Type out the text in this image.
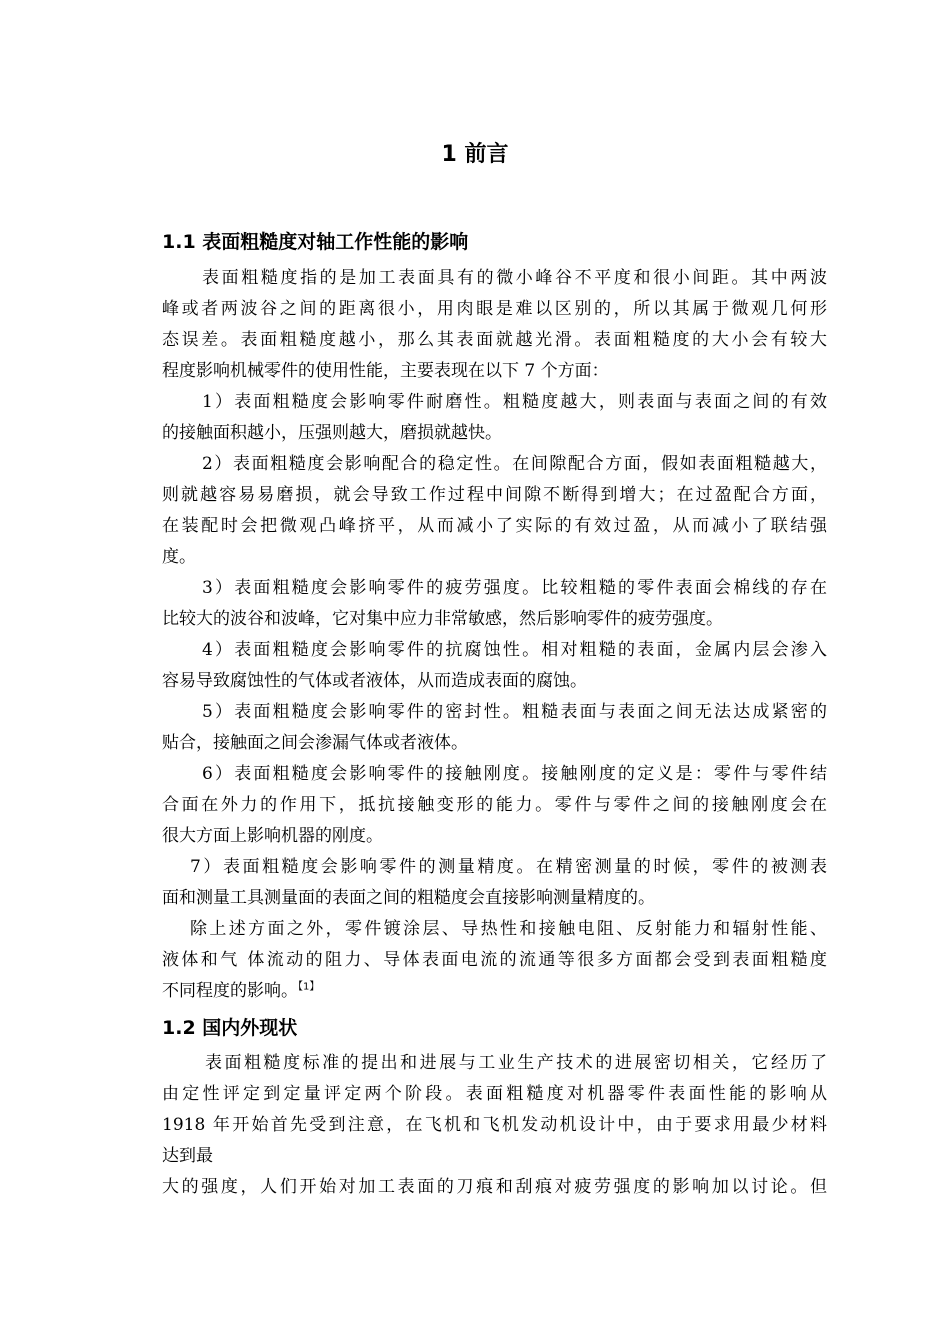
1 前言
1.1 表面粗糙度对轴工作性能的影响
表面粗糙度指的是加工表面具有的微小峰谷不平度和很小间距。其中两波
峰或者两波谷之间的距离很小，用肉眼是难以区别的，所以其属于微观几何形
态误差。表面粗糙度越小，那么其表面就越光滑。表面粗糙度的大小会有较大
程度影响机械零件的使用性能，主要表现在以下 7 个方面：
1）表面粗糙度会影响零件耐磨性。粗糙度越大，则表面与表面之间的有效
的接触面积越小，压强则越大，磨损就越快。
2）表面粗糙度会影响配合的稳定性。在间隙配合方面，假如表面粗糙越大，
则就越容易易磨损，就会导致工作过程中间隙不断得到增大；在过盈配合方面，
在装配时会把微观凸峰挤平，从而减小了实际的有效过盈，从而减小了联结强
度。
3）表面粗糙度会影响零件的疲劳强度。比较粗糙的零件表面会棉线的存在
比较大的波谷和波峰，它对集中应力非常敏感，然后影响零件的疲劳强度。
4）表面粗糙度会影响零件的抗腐蚀性。相对粗糙的表面，金属内层会渗入
容易导致腐蚀性的气体或者液体，从而造成表面的腐蚀。
5）表面粗糙度会影响零件的密封性。粗糙表面与表面之间无法达成紧密的
贴合，接触面之间会渗漏气体或者液体。
6）表面粗糙度会影响零件的接触刚度。接触刚度的定义是：零件与零件结
合面在外力的作用下，抵抗接触变形的能力。零件与零件之间的接触刚度会在
很大方面上影响机器的刚度。
7）表面粗糙度会影响零件的测量精度。在精密测量的时候，零件的被测表
面和测量工具测量面的表面之间的粗糙度会直接影响测量精度的。
除上述方面之外，零件镀涂层、导热性和接触电阻、反射能力和辐射性能、
液体和气 体流动的阻力、导体表面电流的流通等很多方面都会受到表面粗糙度
不同程度的影响。$^{【1】}$
1.2 国内外现状
表面粗糙度标准的提出和进展与工业生产技术的进展密切相关，它经历了
由定性评定到定量评定两个阶段。表面粗糙度对机器零件表面性能的影响从
1918 年开始首先受到注意，在飞机和飞机发动机设计中，由于要求用最少材料
达到最
大的强度，人们开始对加工表面的刀痕和刮痕对疲劳强度的影响加以讨论。但
